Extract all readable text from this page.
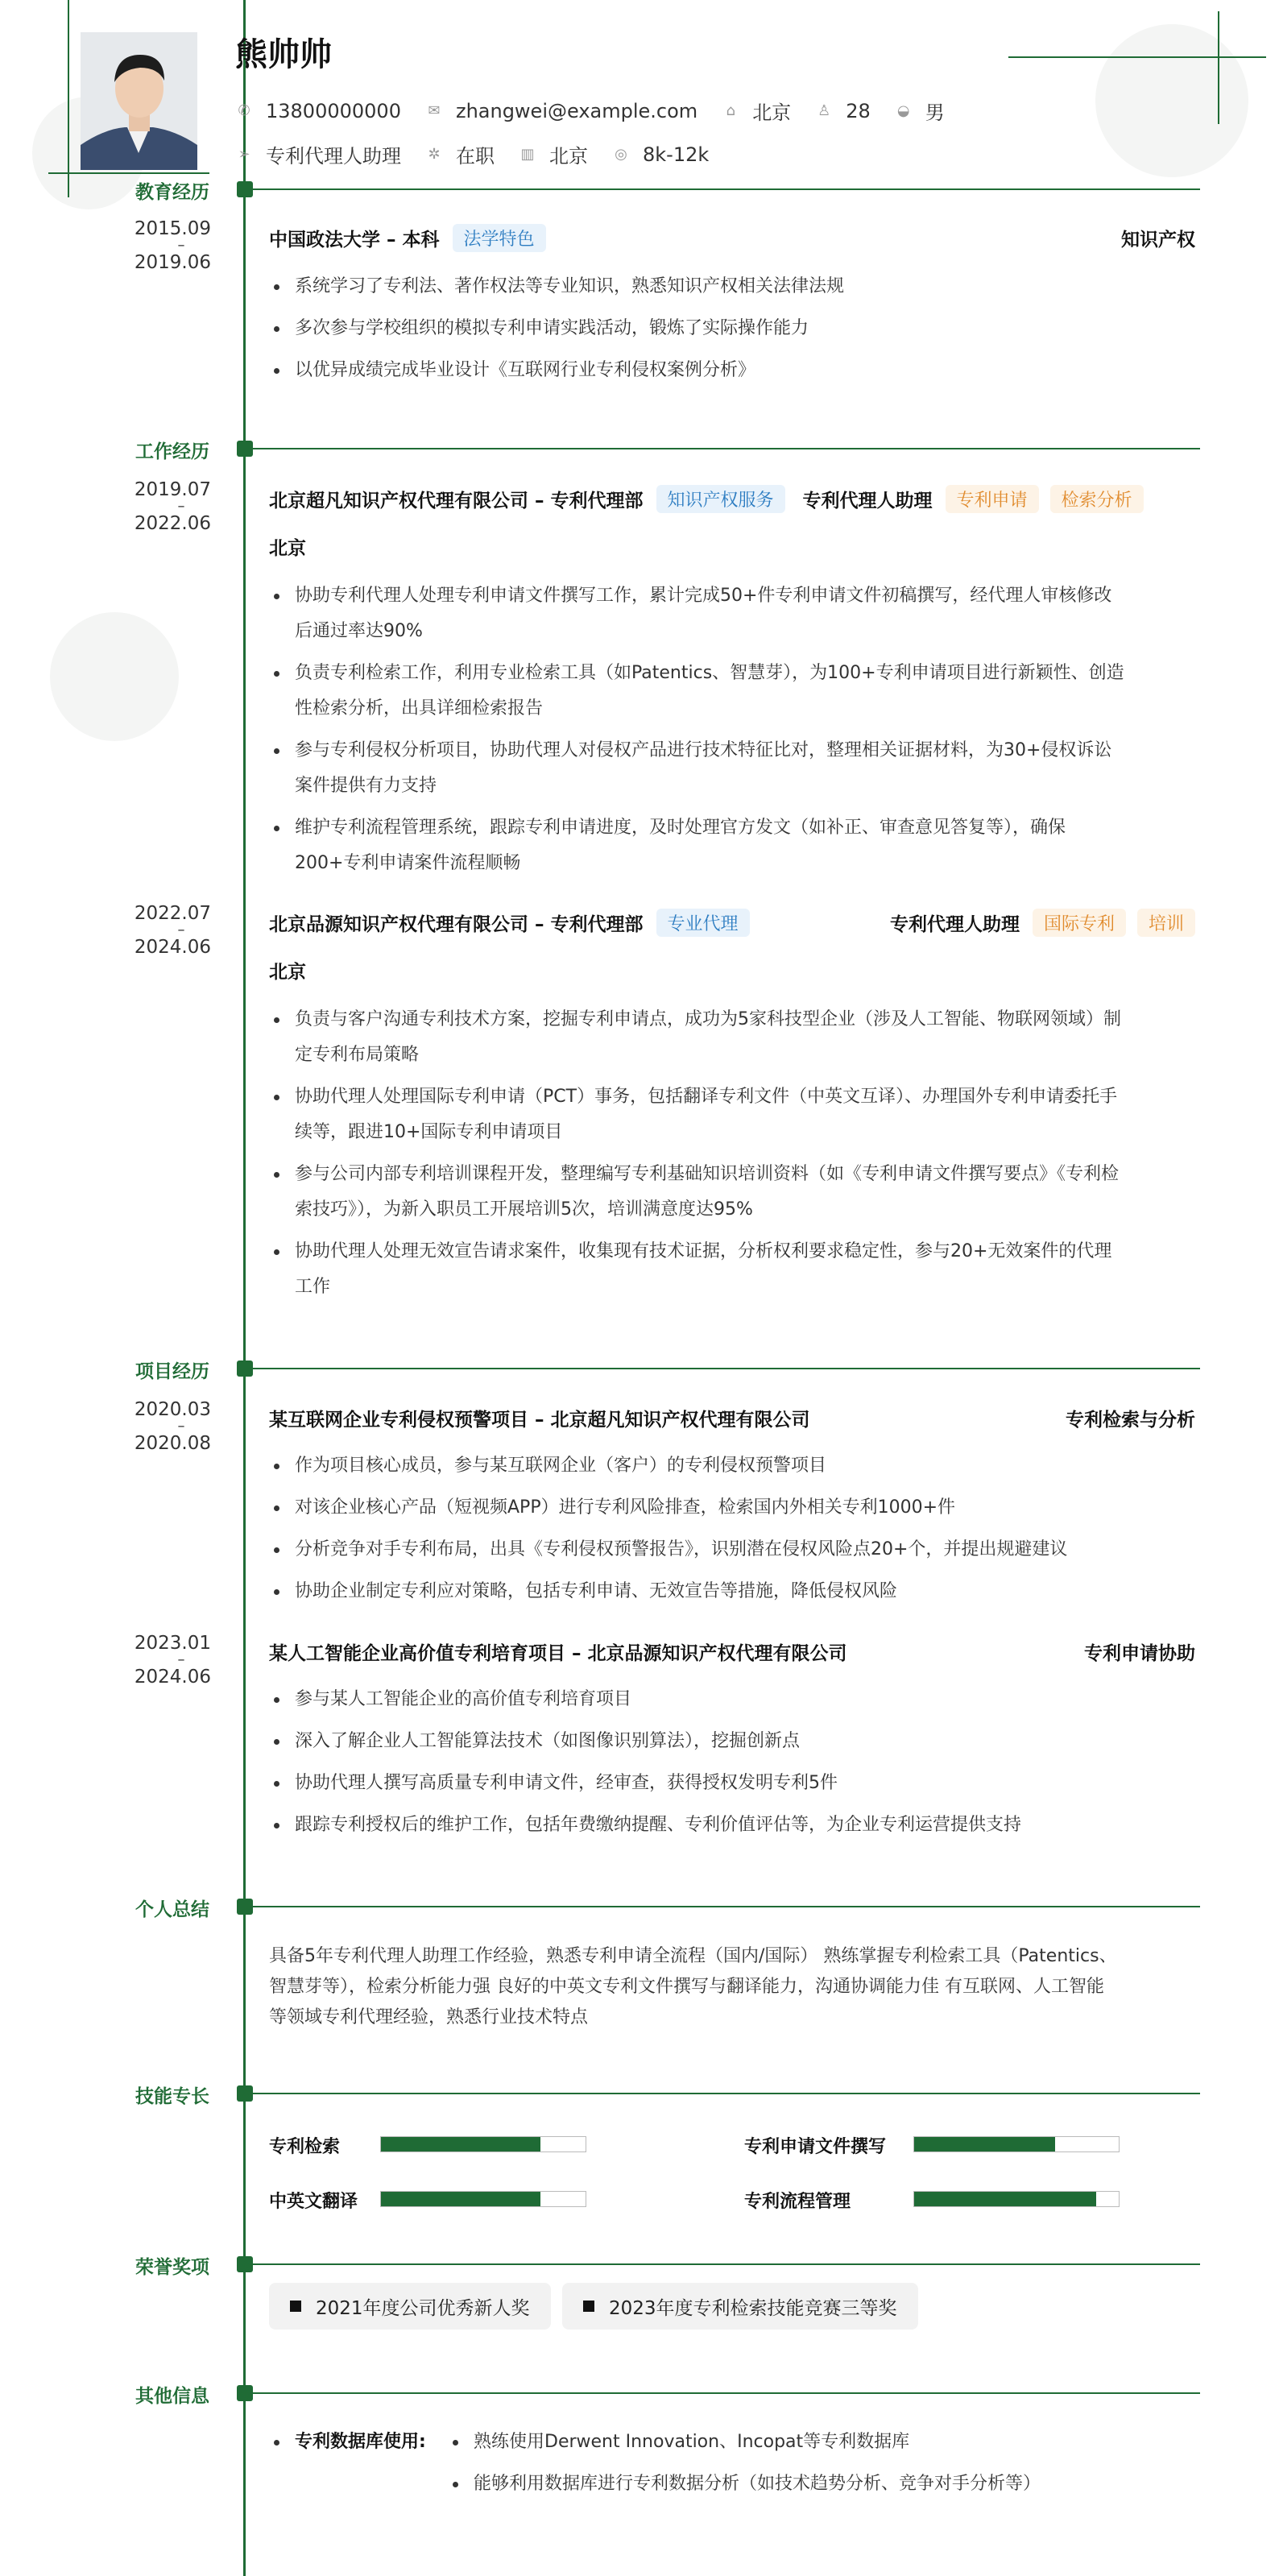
熊帅帅
✆ 13800000000 ✉ zhangwei@example.com ⌂ 北京 ♙ 28 ◒ 男
➢ 专利代理人助理 ✲ 在职 ▥ 北京 ◎ 8k-12k
教育经历
2015.09
–
2019.06
中国政法大学 – 本科	法学特色	知识产权
系统学习了专利法、著作权法等专业知识，熟悉知识产权相关法律法规
多次参与学校组织的模拟专利申请实践活动，锻炼了实际操作能力
以优异成绩完成毕业设计《互联网行业专利侵权案例分析》
工作经历
2019.07
–
2022.06
北京超凡知识产权代理有限公司 – 专利代理部	知识产权服务	专利代理人助理	专利申请	检索分析
北京
协助专利代理人处理专利申请文件撰写工作，累计完成50+件专利申请文件初稿撰写，经代理人审核修改
后通过率达90%
负责专利检索工作，利用专业检索工具（如Patentics、智慧芽），为100+专利申请项目进行新颖性、创造
性检索分析，出具详细检索报告
参与专利侵权分析项目，协助代理人对侵权产品进行技术特征比对，整理相关证据材料，为30+侵权诉讼
案件提供有力支持
维护专利流程管理系统，跟踪专利申请进度，及时处理官方发文（如补正、审查意见答复等），确保
200+专利申请案件流程顺畅
2022.07
–
2024.06
北京品源知识产权代理有限公司 – 专利代理部	专业代理	专利代理人助理	国际专利	培训
北京
负责与客户沟通专利技术方案，挖掘专利申请点，成功为5家科技型企业（涉及人工智能、物联网领域）制
定专利布局策略
协助代理人处理国际专利申请（PCT）事务，包括翻译专利文件（中英文互译）、办理国外专利申请委托手
续等，跟进10+国际专利申请项目
参与公司内部专利培训课程开发，整理编写专利基础知识培训资料（如《专利申请文件撰写要点》《专利检
索技巧》），为新入职员工开展培训5次，培训满意度达95%
协助代理人处理无效宣告请求案件，收集现有技术证据，分析权利要求稳定性，参与20+无效案件的代理
工作
项目经历
2020.03
–
2020.08
某互联网企业专利侵权预警项目 – 北京超凡知识产权代理有限公司	专利检索与分析
作为项目核心成员，参与某互联网企业（客户）的专利侵权预警项目
对该企业核心产品（短视频APP）进行专利风险排查，检索国内外相关专利1000+件
分析竞争对手专利布局，出具《专利侵权预警报告》，识别潜在侵权风险点20+个，并提出规避建议
协助企业制定专利应对策略，包括专利申请、无效宣告等措施，降低侵权风险
2023.01
–
2024.06
某人工智能企业高价值专利培育项目 – 北京品源知识产权代理有限公司	专利申请协助
参与某人工智能企业的高价值专利培育项目
深入了解企业人工智能算法技术（如图像识别算法），挖掘创新点
协助代理人撰写高质量专利申请文件，经审查，获得授权发明专利5件
跟踪专利授权后的维护工作，包括年费缴纳提醒、专利价值评估等，为企业专利运营提供支持
个人总结
具备5年专利代理人助理工作经验，熟悉专利申请全流程（国内/国际） 熟练掌握专利检索工具（Patentics、
智慧芽等），检索分析能力强 良好的中英文专利文件撰写与翻译能力，沟通协调能力佳 有互联网、人工智能
等领域专利代理经验，熟悉行业技术特点
技能专长
专利检索	专利申请文件撰写
中英文翻译	专利流程管理
荣誉奖项
2021年度公司优秀新人奖	2023年度专利检索技能竞赛三等奖
其他信息
专利数据库使用:	熟练使用Derwent Innovation、Incopat等专利数据库
能够利用数据库进行专利数据分析（如技术趋势分析、竞争对手分析等）
